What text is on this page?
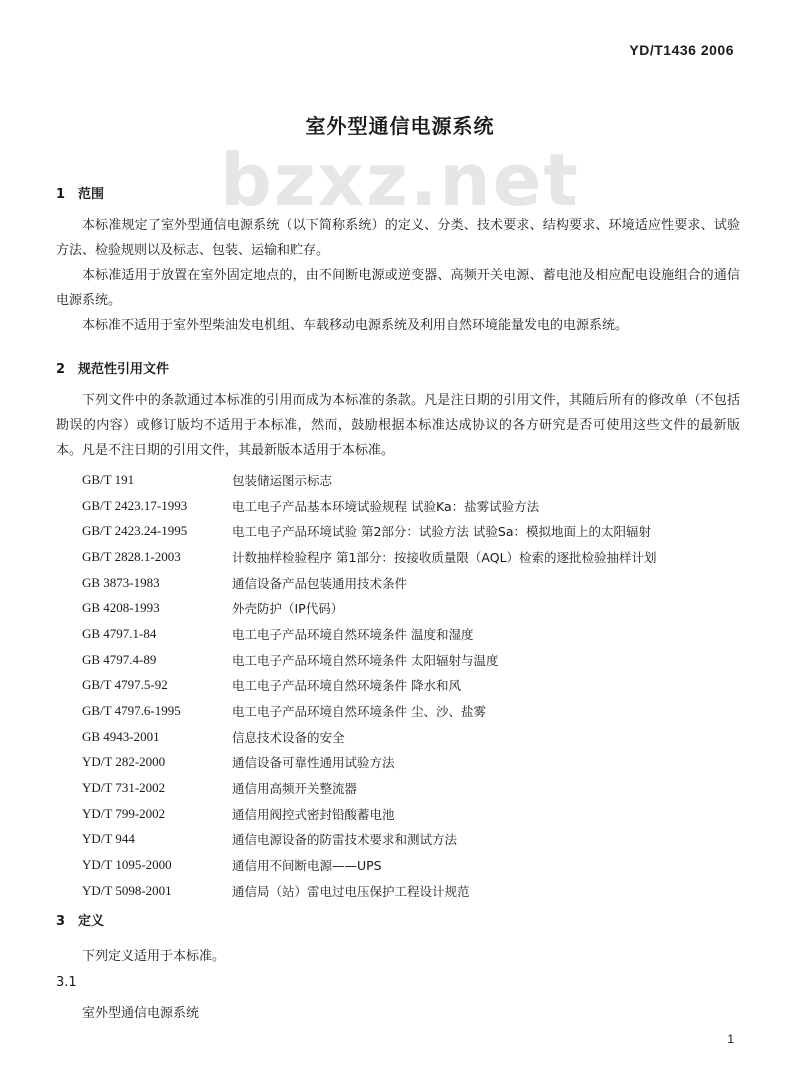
YD/T1436 2006
bzxz.net
室外型通信电源系统
1 范围
本标准规定了室外型通信电源系统（以下简称系统）的定义、分类、技术要求、结构要求、环境适应性要求、试验方法、检验规则以及标志、包装、运输和贮存。
本标准适用于放置在室外固定地点的，由不间断电源或逆变器、高频开关电源、蓄电池及相应配电设施组合的通信电源系统。
本标准不适用于室外型柴油发电机组、车载移动电源系统及利用自然环境能量发电的电源系统。
2 规范性引用文件
下列文件中的条款通过本标准的引用而成为本标准的条款。凡是注日期的引用文件，其随后所有的修改单（不包括勘误的内容）或修订版均不适用于本标准，然而，鼓励根据本标准达成协议的各方研究是否可使用这些文件的最新版本。凡是不注日期的引用文件，其最新版本适用于本标准。
GB/T 191	包装储运图示标志
GB/T 2423.17-1993	电工电子产品基本环境试验规程 试验Ka：盐雾试验方法
GB/T 2423.24-1995	电工电子产品环境试验 第2部分：试验方法 试验Sa：模拟地面上的太阳辐射
GB/T 2828.1-2003	计数抽样检验程序 第1部分：按接收质量限（AQL）检索的逐批检验抽样计划
GB 3873-1983	通信设备产品包装通用技术条件
GB 4208-1993	外壳防护（IP代码）
GB 4797.1-84	电工电子产品环境自然环境条件 温度和湿度
GB 4797.4-89	电工电子产品环境自然环境条件 太阳辐射与温度
GB/T 4797.5-92	电工电子产品环境自然环境条件 降水和风
GB/T 4797.6-1995	电工电子产品环境自然环境条件 尘、沙、盐雾
GB 4943-2001	信息技术设备的安全
YD/T 282-2000	通信设备可靠性通用试验方法
YD/T 731-2002	通信用高频开关整流器
YD/T 799-2002	通信用阀控式密封铅酸蓄电池
YD/T 944	通信电源设备的防雷技术要求和测试方法
YD/T 1095-2000	通信用不间断电源——UPS
YD/T 5098-2001	通信局（站）雷电过电压保护工程设计规范
3 定义
下列定义适用于本标准。
3.1
室外型通信电源系统
1
